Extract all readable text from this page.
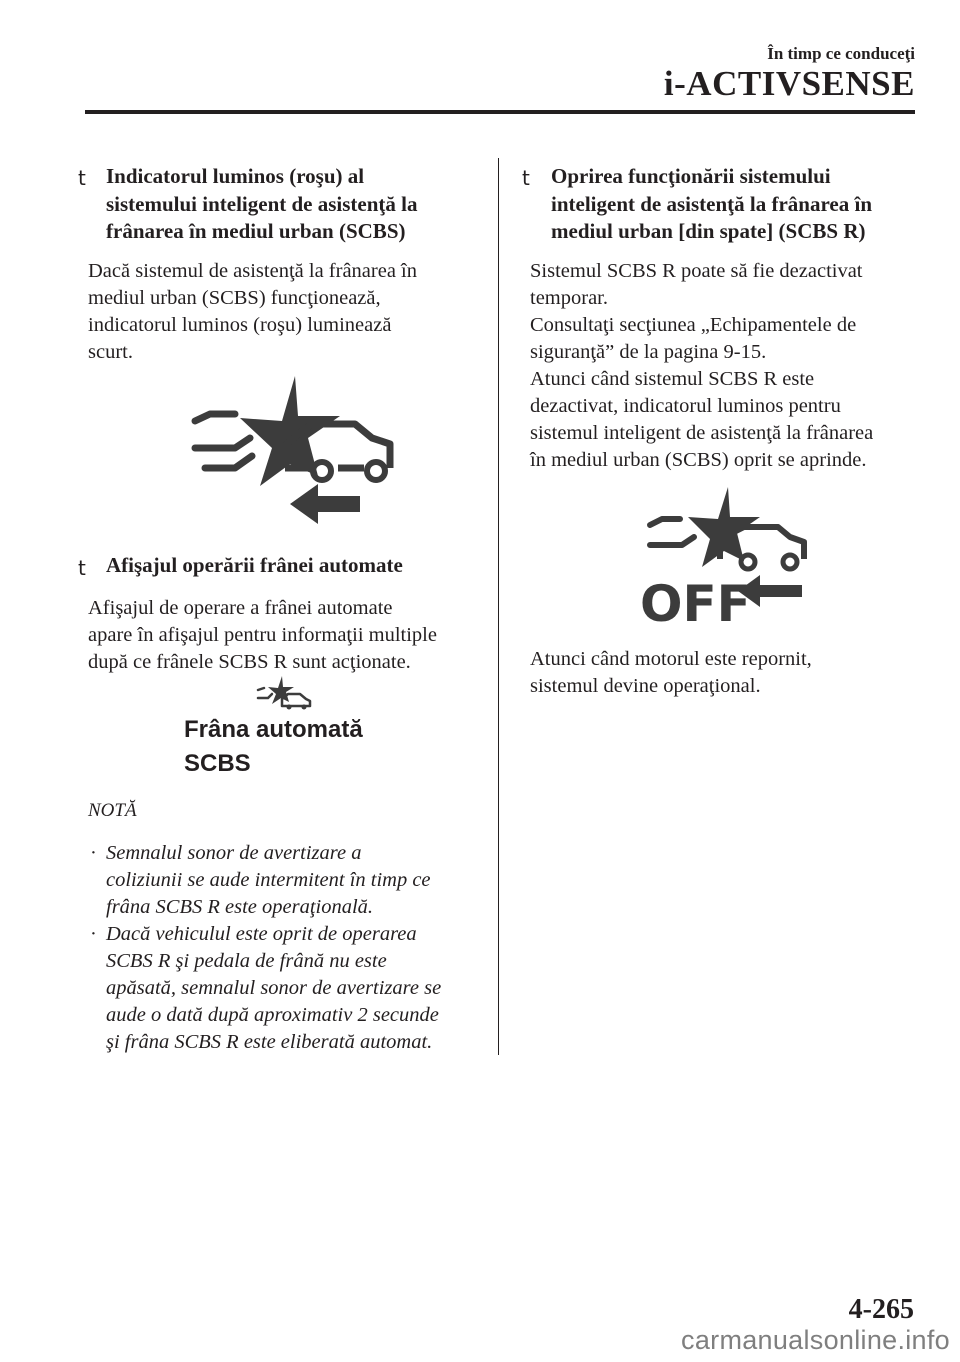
În timp ce conduceţi
i-ACTIVSENSE
t Indicatorul luminos (roşu) al
sistemului inteligent de asistenţă la
frânarea în mediul urban (SCBS)
Dacă sistemul de asistenţă la frânarea în
mediul urban (SCBS) funcţionează,
indicatorul luminos (roşu) luminează
scurt.
t Afişajul operării frânei automate
Afişajul de operare a frânei automate
apare în afişajul pentru informaţii multiple
după ce frânele SCBS R sunt acţionate.
Frâna automată
SCBS
NOTĂ
· Semnalul sonor de avertizare a
coliziunii se aude intermitent în timp ce
frâna SCBS R este operaţională.
· Dacă vehiculul este oprit de operarea
SCBS R şi pedala de frână nu este
apăsată, semnalul sonor de avertizare se
aude o dată după aproximativ 2 secunde
şi frâna SCBS R este eliberată automat.
t Oprirea funcţionării sistemului
inteligent de asistenţă la frânarea în
mediul urban [din spate] (SCBS R)
Sistemul SCBS R poate să fie dezactivat
temporar.
Consultaţi secţiunea „Echipamentele de
siguranţă” de la pagina 9-15.
Atunci când sistemul SCBS R este
dezactivat, indicatorul luminos pentru
sistemul inteligent de asistenţă la frânarea
în mediul urban (SCBS) oprit se aprinde.
OFF
Atunci când motorul este repornit,
sistemul devine operaţional.
4-265
carmanualsonline.info
